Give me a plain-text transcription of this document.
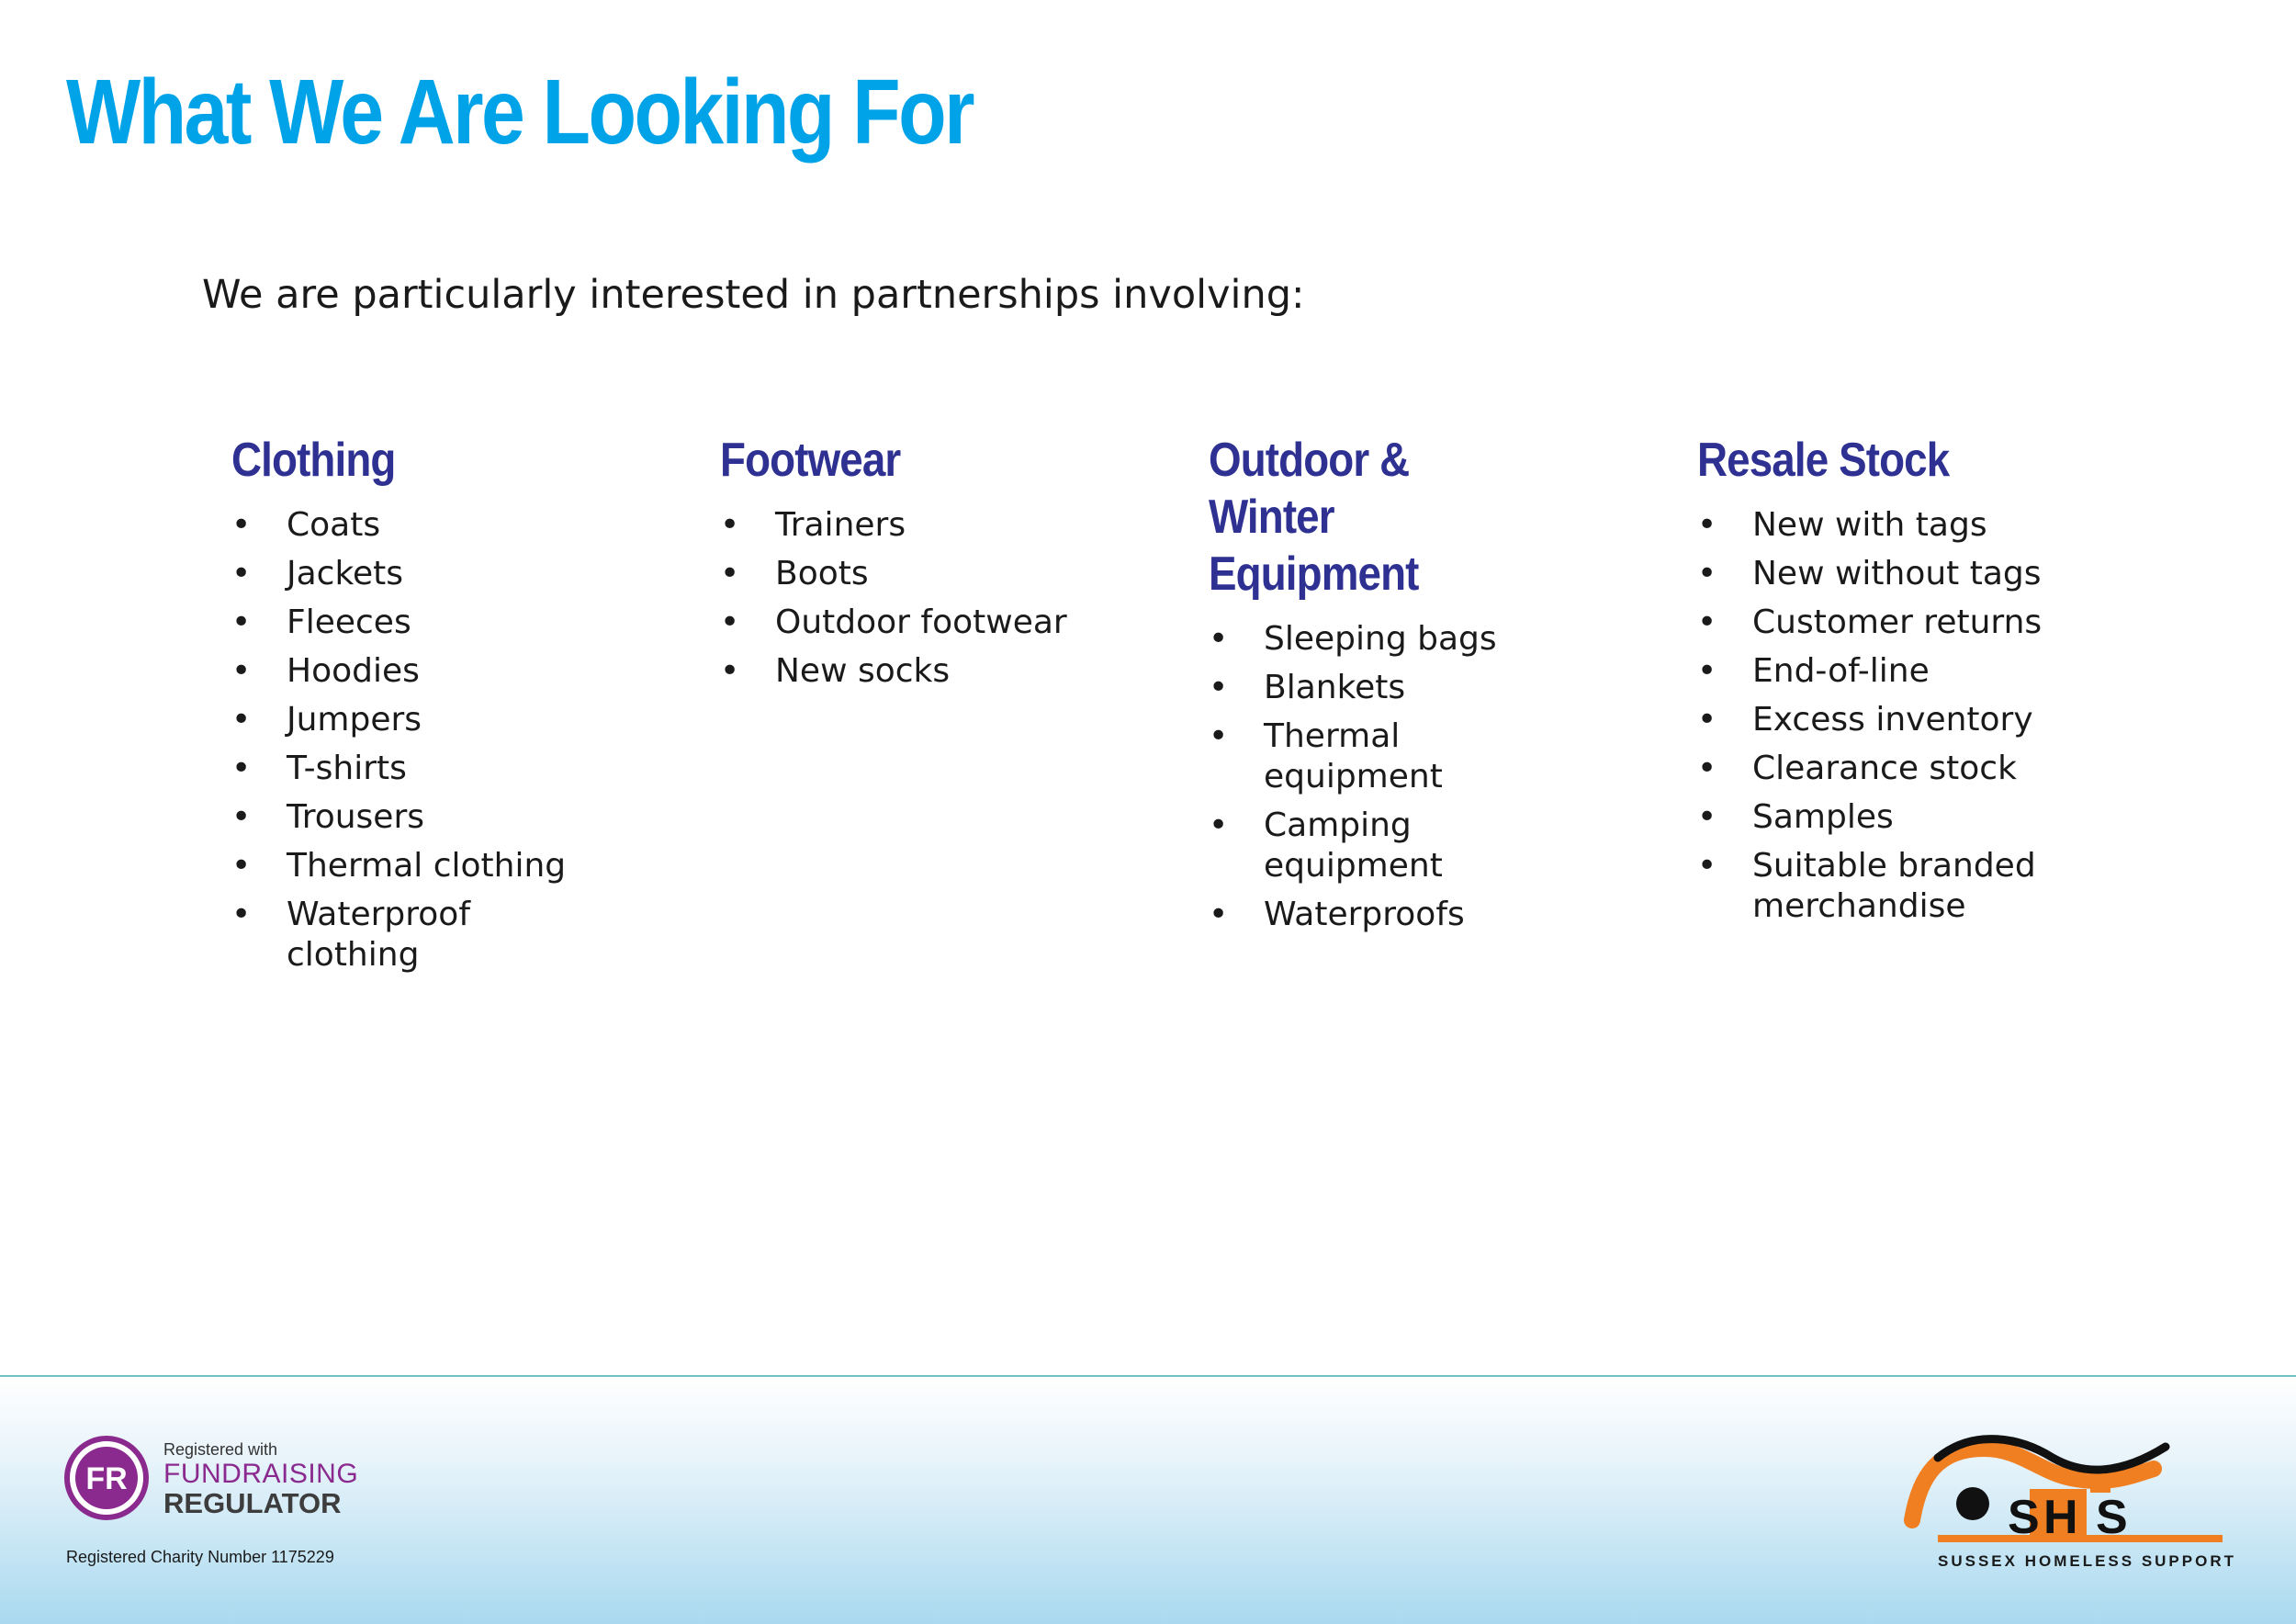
What We Are Looking For
We are particularly interested in partnerships involving:
Clothing
• Coats
• Jackets
• Fleeces
• Hoodies
• Jumpers
• T-shirts
• Trousers
• Thermal clothing
• Waterproof clothing
Footwear
• Trainers
• Boots
• Outdoor footwear
• New socks
Outdoor & Winter Equipment
• Sleeping bags
• Blankets
• Thermal equipment
• Camping equipment
• Waterproofs
Resale Stock
• New with tags
• New without tags
• Customer returns
• End-of-line
• Excess inventory
• Clearance stock
• Samples
• Suitable branded merchandise
FR
Registered with
FUNDRAISING
REGULATOR
Registered Charity Number 1175229
S H S
SUSSEX HOMELESS SUPPORT
